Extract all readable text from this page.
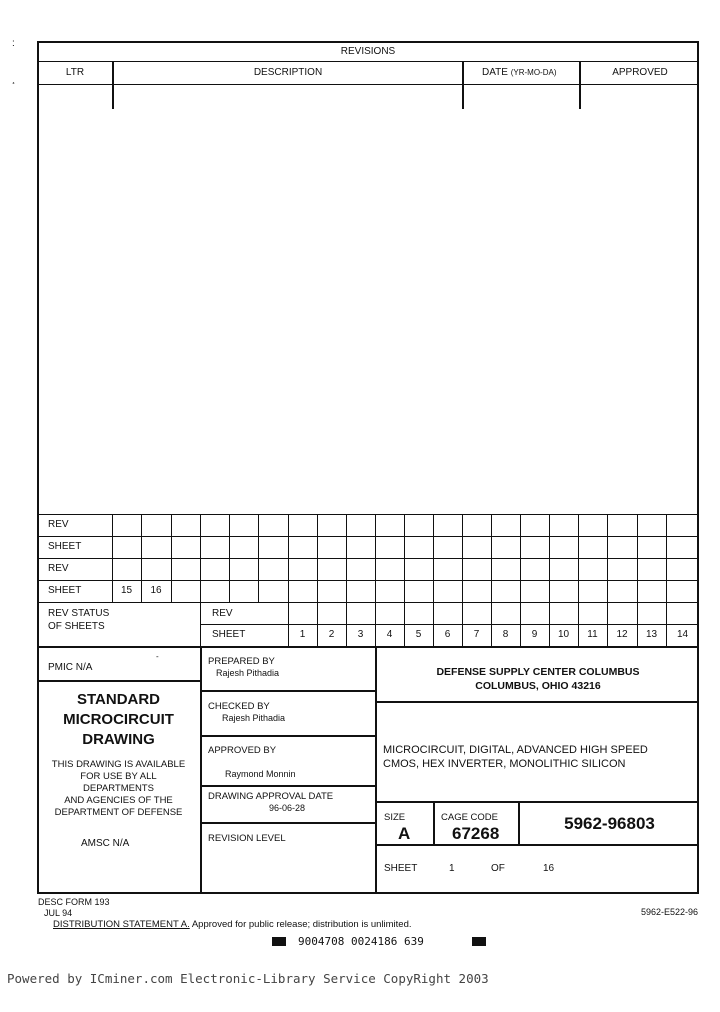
:
¸
REVISIONS
LTR	DESCRIPTION	DATE (YR-MO-DA)	APPROVED
REV
SHEET
REV
SHEET	15	16
REV STATUS
OF SHEETS
REV
SHEET	1	2	3	4	5	6	7	8	9	10	11	12	13	14
PMIC N/A
-
STANDARD
MICROCIRCUIT
DRAWING
THIS DRAWING IS AVAILABLE
FOR USE BY ALL
DEPARTMENTS
AND AGENCIES OF THE
DEPARTMENT OF DEFENSE
AMSC N/A
PREPARED BY
Rajesh Pithadia
CHECKED BY
Rajesh Pithadia
APPROVED BY
Raymond Monnin
DRAWING APPROVAL DATE
96-06-28
REVISION LEVEL
DEFENSE SUPPLY CENTER COLUMBUS
COLUMBUS, OHIO 43216
MICROCIRCUIT, DIGITAL, ADVANCED HIGH SPEED
CMOS, HEX INVERTER, MONOLITHIC SILICON
SIZE
A
CAGE CODE
67268
5962-96803
SHEET	1	OF	16
DESC FORM 193
JUL 94	5962-E522-96
DISTRIBUTION STATEMENT A. Approved for public release; distribution is unlimited.
9004708 0024186 639
Powered by ICminer.com Electronic-Library Service CopyRight 2003
